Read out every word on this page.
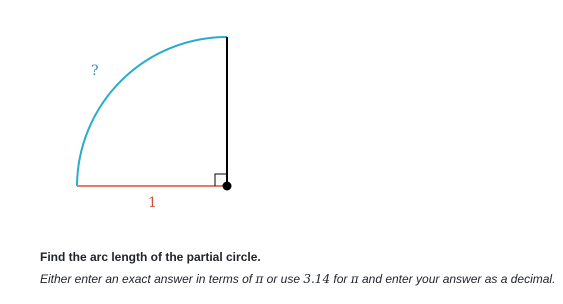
?
1

Find the arc length of the partial circle.

Either enter an exact answer in terms of π or use 3.14 for π and enter your answer as a decimal.
